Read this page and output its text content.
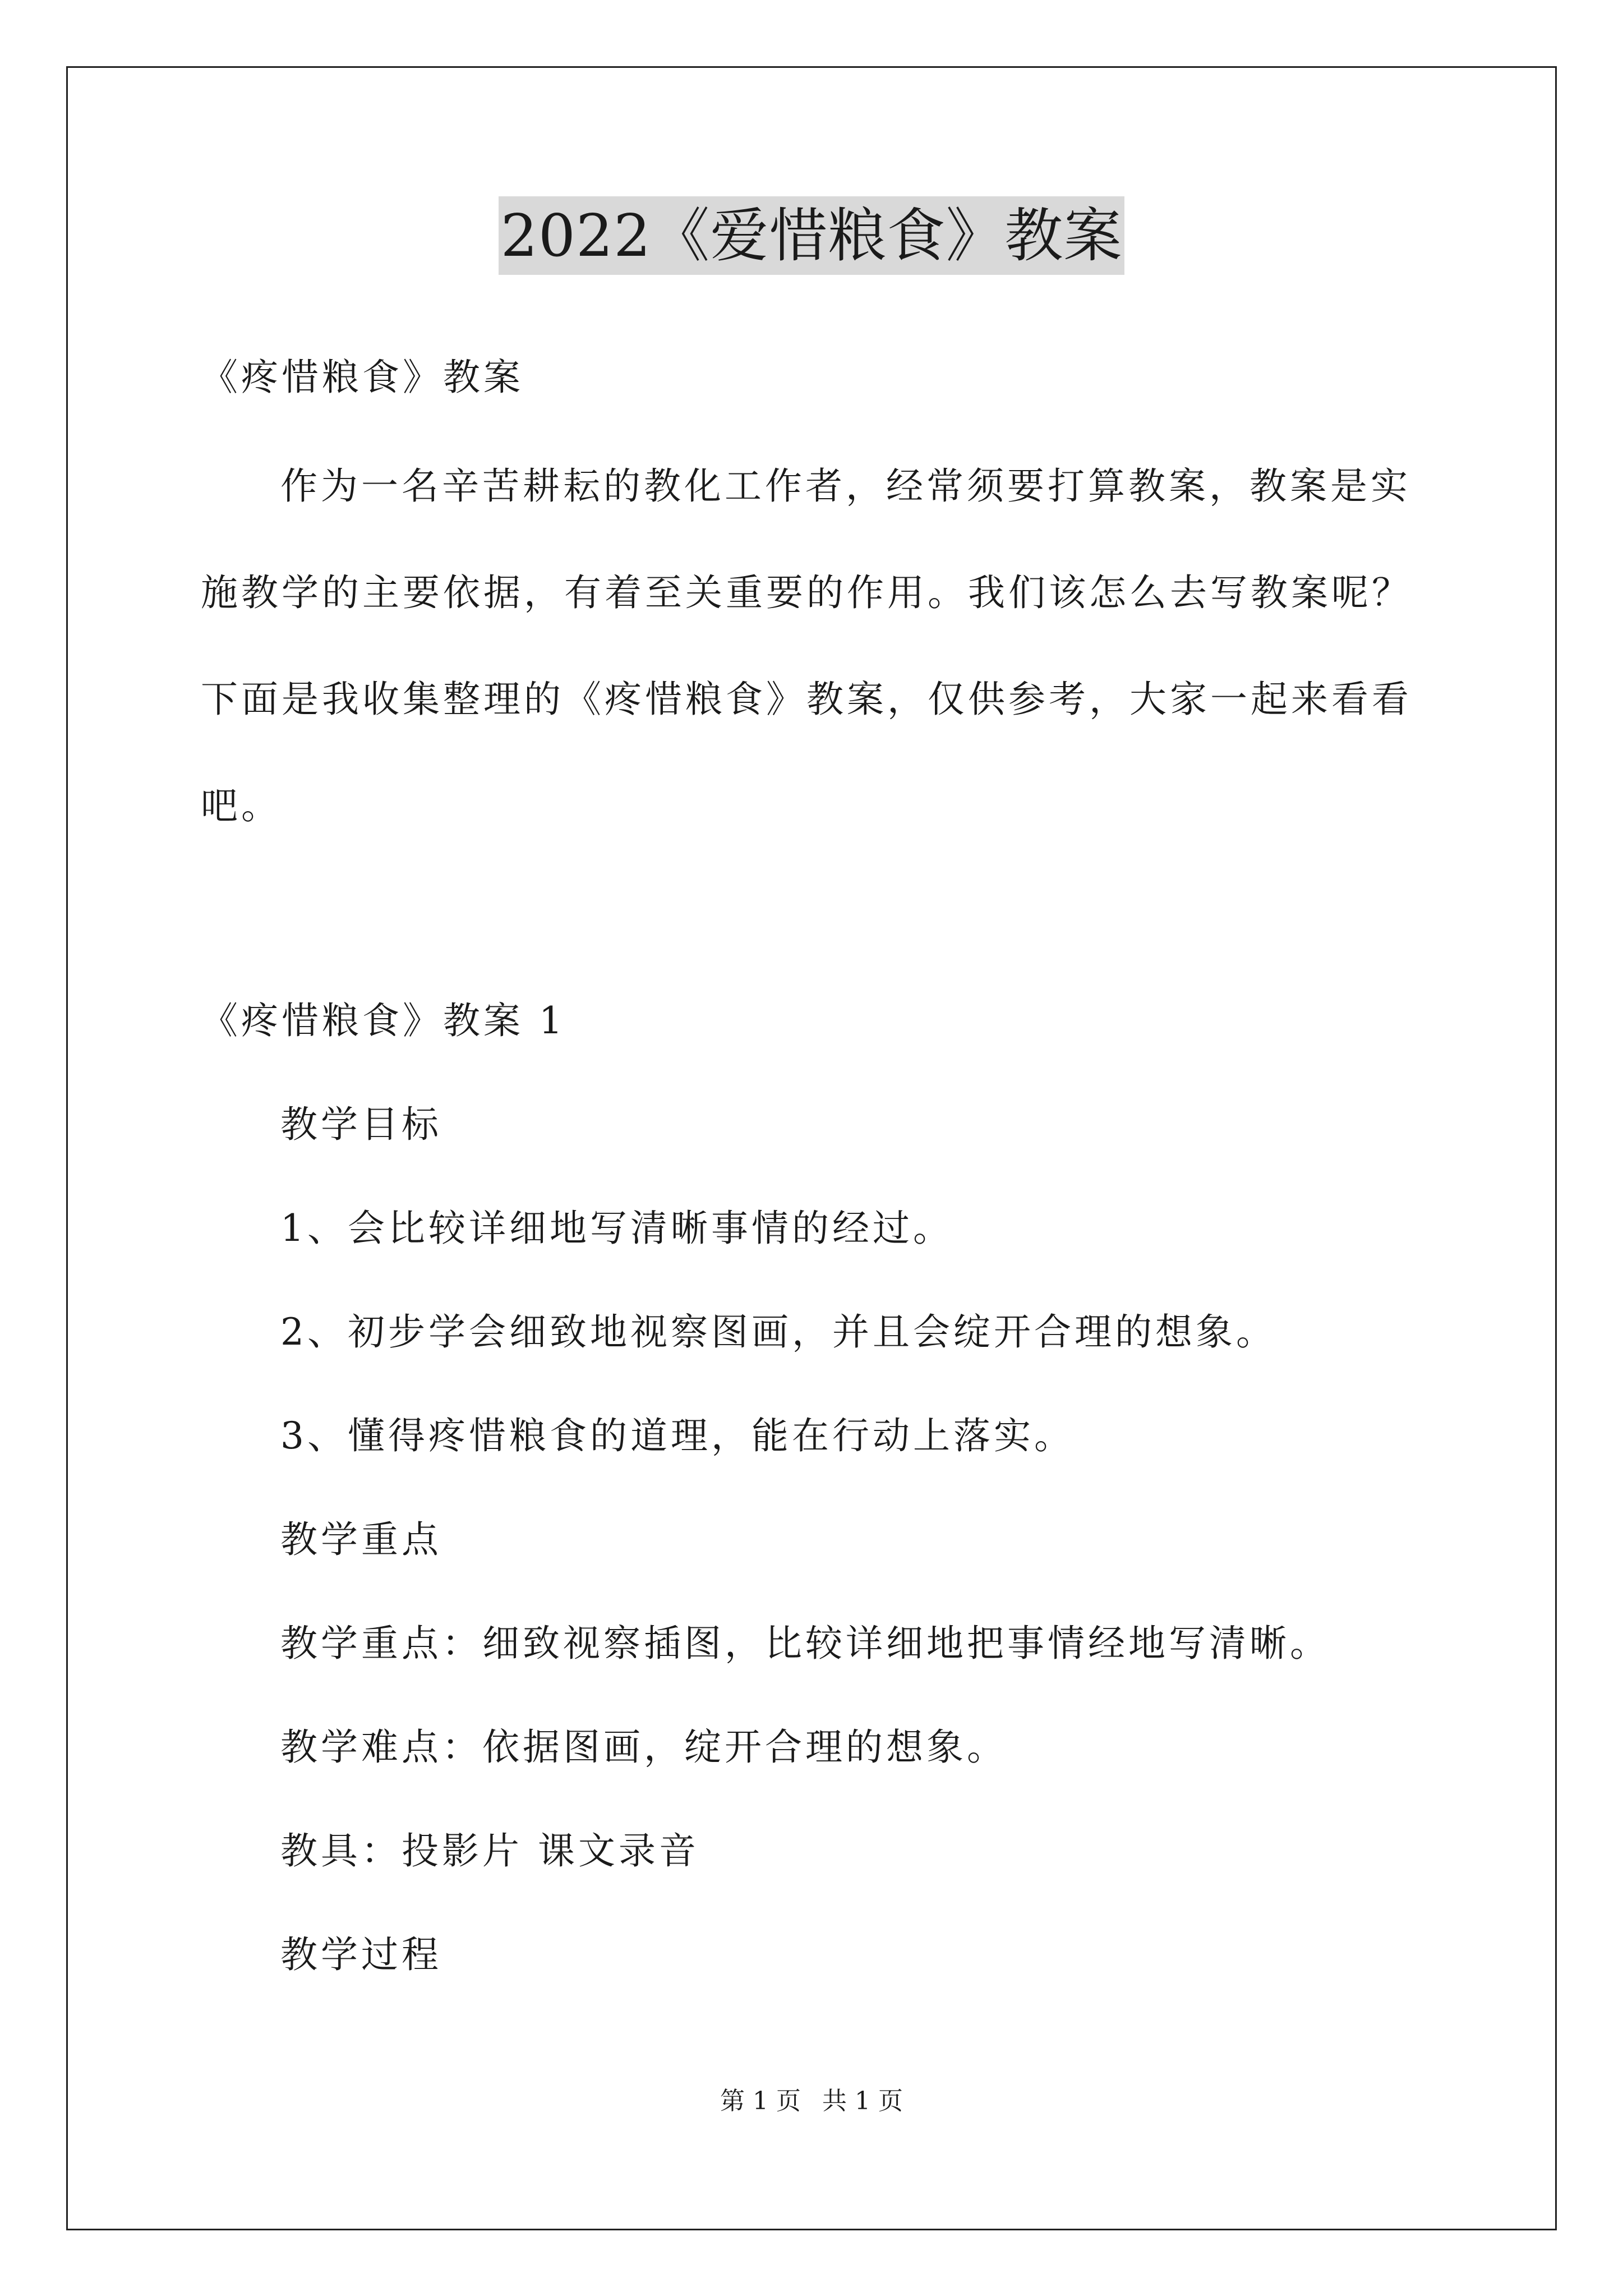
2022《爱惜粮食》教案
《疼惜粮食》教案
作为一名辛苦耕耘的教化工作者，经常须要打算教案，教案是实
施教学的主要依据，有着至关重要的作用。我们该怎么去写教案呢？
下面是我收集整理的《疼惜粮食》教案，仅供参考，大家一起来看看
吧。
《疼惜粮食》教案 1
教学目标
1、会比较详细地写清晰事情的经过。
2、初步学会细致地视察图画，并且会绽开合理的想象。
3、懂得疼惜粮食的道理，能在行动上落实。
教学重点
教学重点：细致视察插图，比较详细地把事情经地写清晰。
教学难点：依据图画，绽开合理的想象。
教具：投影片 课文录音
教学过程
第 1 页 共 1 页
